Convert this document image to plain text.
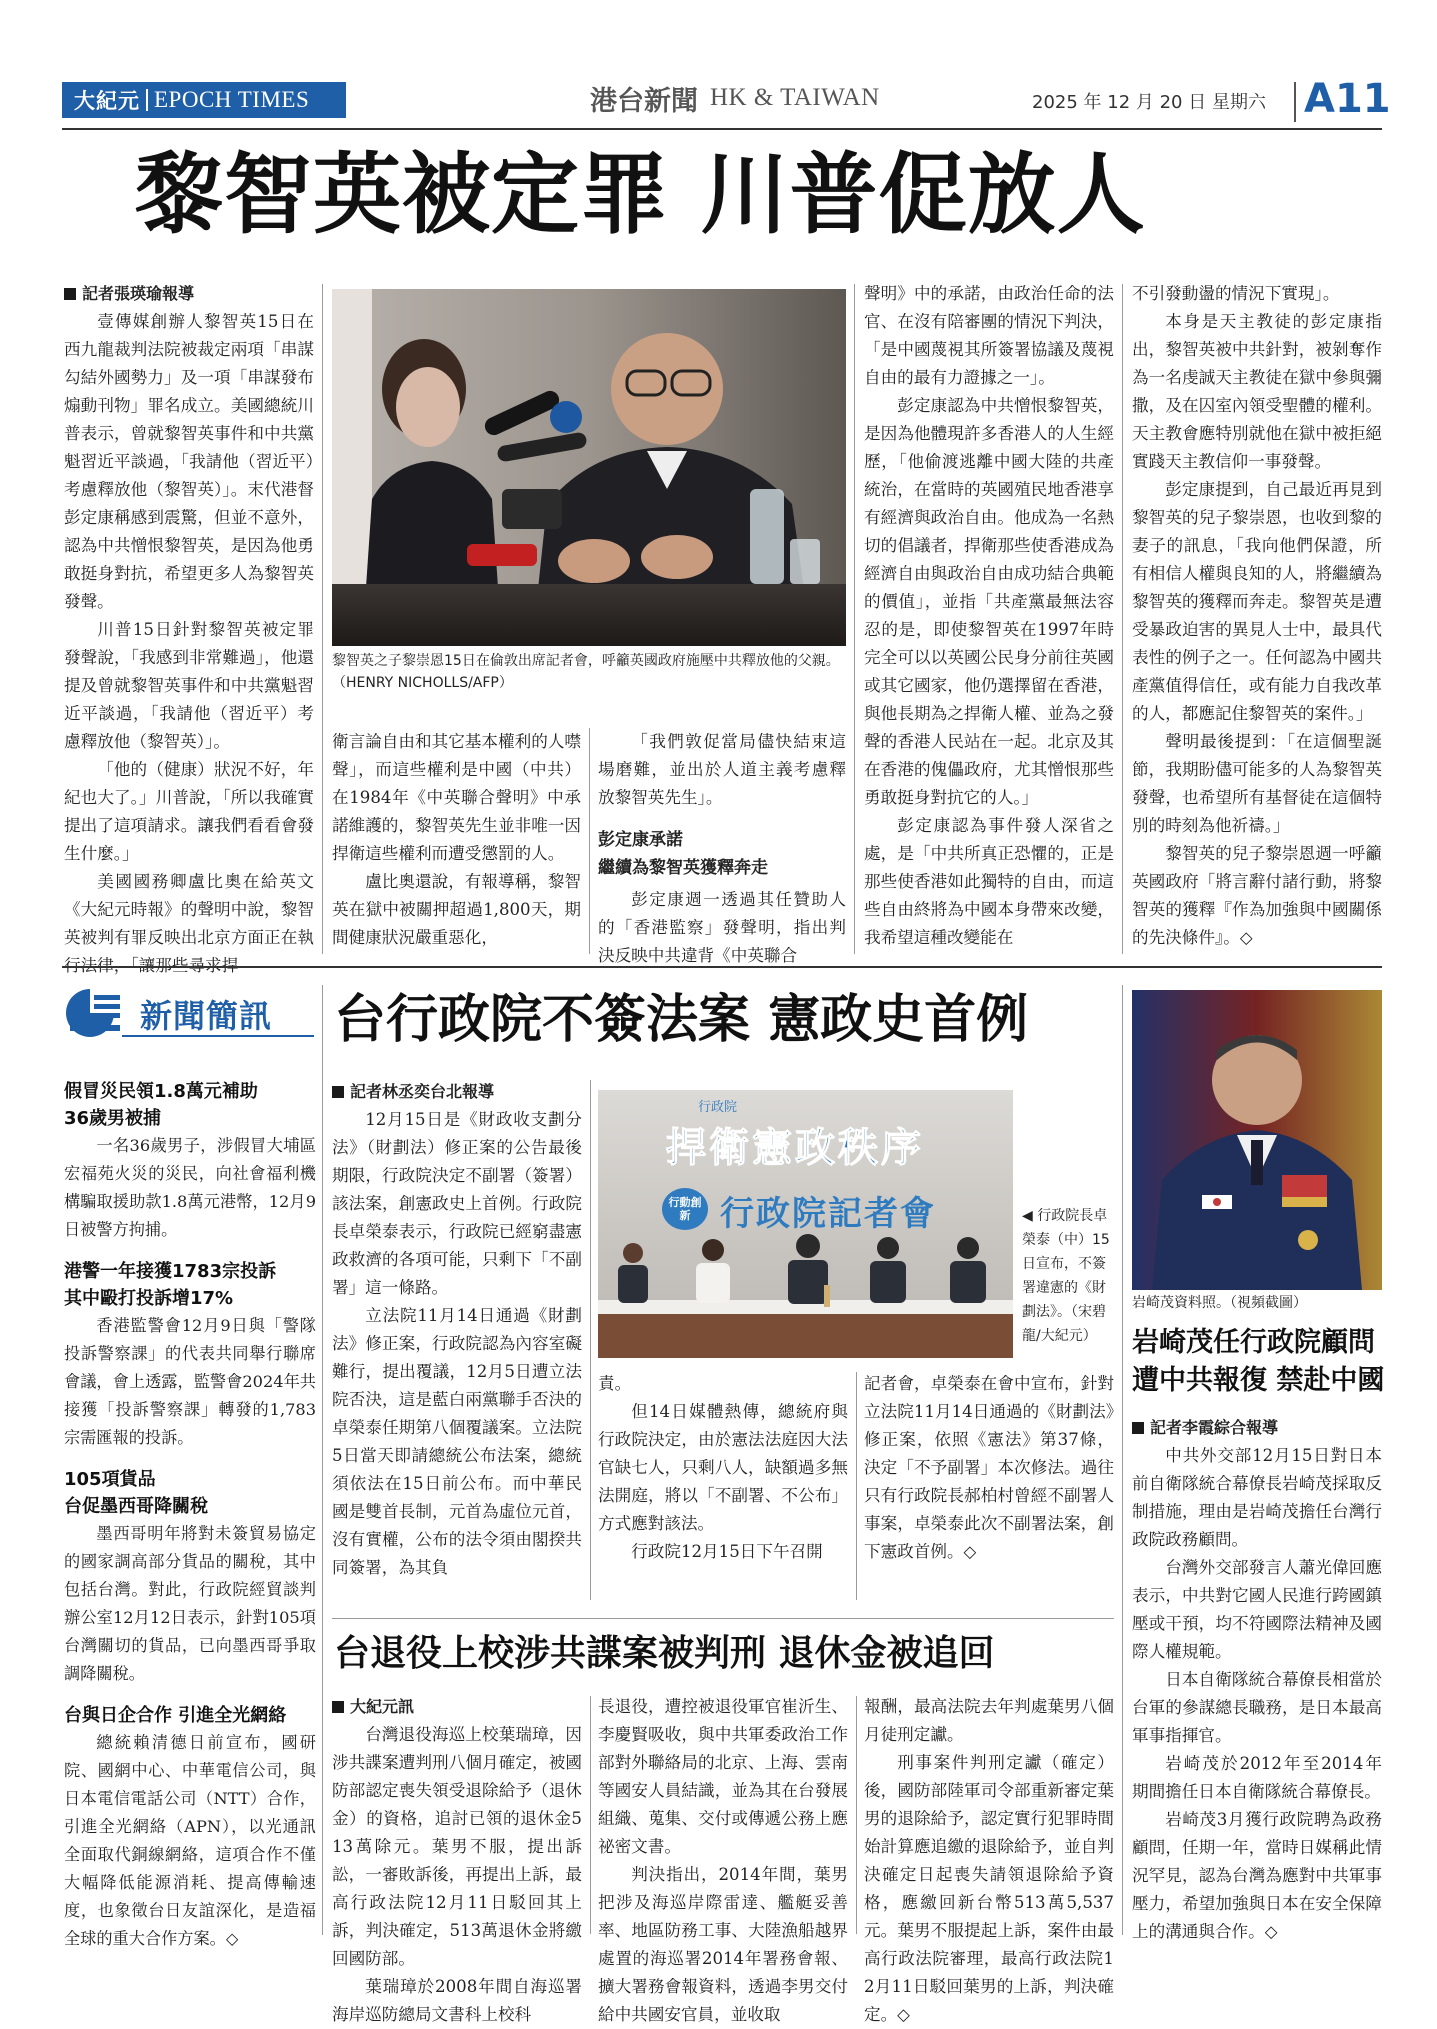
大紀元 EPOCH TIMES	港台新聞 HK & TAIWAN	2025 年 12 月 20 日 星期六 A11
黎智英被定罪 川普促放人

記者張瑛瑜報導

壹傳媒創辦人黎智英15日在西九龍裁判法院被裁定兩項「串謀勾結外國勢力」及一項「串謀發布煽動刊物」罪名成立。美國總統川普表示，曾就黎智英事件和中共黨魁習近平談過，「我請他（習近平）考慮釋放他（黎智英）」。末代港督彭定康稱感到震驚，但並不意外，認為中共憎恨黎智英，是因為他勇敢挺身對抗，希望更多人為黎智英發聲。

川普15日針對黎智英被定罪發聲說，「我感到非常難過」，他還提及曾就黎智英事件和中共黨魁習近平談過，「我請他（習近平）考慮釋放他（黎智英）」。

「他的（健康）狀況不好，年紀也大了。」川普說，「所以我確實提出了這項請求。讓我們看看會發生什麼。」

美國國務卿盧比奧在給英文《大紀元時報》的聲明中說，黎智英被判有罪反映出北京方面正在執

黎智英之子黎崇恩15日在倫敦出席記者會，呼籲英國政府施壓中共釋放他的父親。（HENRY NICHOLLS/AFP）

衛言論自由和其它基本權利的人噤聲」，而這些權利是中國（中共）在1984年《中英聯合聲明》中承諾維護的，黎智英先生並非唯一因捍衛這些權利而遭受懲罰的人。

盧比奧還說，有報導稱，黎智英在獄中被關押超過1,800天，期間健康狀況嚴重惡化，

「我們敦促當局儘快結束這場磨難，並出於人道主義考慮釋放黎智英先生」。

彭定康承諾

繼續為黎智英獲釋奔走

彭定康週一透過其任贊助人的「香港監察」發聲明，指出判決反映中共違背《中英聯合

聲明》中的承諾，由政治任命的法官、在沒有陪審團的情況下判決，「是中國蔑視其所簽署協議及蔑視自由的最有力證據之一」。

彭定康認為中共憎恨黎智英，是因為他體現許多香港人的人生經歷，「他偷渡逃離中國大陸的共產統治，在當時的英國殖民地香港享有經濟與政治自由。他成為一名熱切的倡議者，捍衛那些使香港成為經濟自由與政治自由成功結合典範的價值」，並指「共產黨最無法容忍的是，即使黎智英在1997年時完全可以以英國公民身分前往英國或其它國家，他仍選擇留在香港，與他長期為之捍衛人權、並為之發聲的香港人民站在一起。北京及其在香港的傀儡政府，尤其憎恨那些勇敢挺身對抗它的人。」

彭定康認為事件發人深省之處，是「中共所真正恐懼的，正是那些使香港如此獨特的自由，而這些自由終將為中國本身帶來改變，我希望這種改變能在

不引發動盪的情況下實現」。

本身是天主教徒的彭定康指出，黎智英被中共針對，被剝奪作為一名虔誠天主教徒在獄中參與彌撒，及在囚室內領受聖體的權利。天主教會應特別就他在獄中被拒絕實踐天主教信仰一事發聲。

彭定康提到，自己最近再見到黎智英的兒子黎崇恩，也收到黎的妻子的訊息，「我向他們保證，所有相信人權與良知的人，將繼續為黎智英的獲釋而奔走。黎智英是遭受暴政迫害的異見人士中，最具代表性的例子之一。任何認為中國共產黨值得信任，或有能力自我改革的人，都應記住黎智英的案件。」

聲明最後提到：「在這個聖誕節，我期盼儘可能多的人為黎智英發聲，也希望所有基督徒在這個特別的時刻為他祈禱。」

黎智英的兒子黎崇恩週一呼籲英國政府「將言辭付諸行動，將黎智英的獲釋『作為加強與中國關係的先決條件』。◇

新聞簡訊
假冒災民領1.8萬元補助
36歲男被捕
一名36歲男子，涉假冒大埔區宏福苑火災的災民，向社會福利機構騙取援助款1.8萬元港幣，12月9日被警方拘捕。
港警一年接獲1783宗投訴
其中毆打投訴增17%
香港監警會12月9日與「警隊投訴警察課」的代表共同舉行聯席會議，會上透露，監警會2024年共接獲「投訴警察課」轉發的1,783宗需匯報的投訴。
105項貨品
台促墨西哥降關稅
墨西哥明年將對未簽貿易協定的國家調高部分貨品的關稅，其中包括台灣。對此，行政院經貿談判辦公室12月12日表示，針對105項台灣關切的貨品，已向墨西哥爭取調降關稅。
台與日企合作 引進全光網絡
總統賴清德日前宣布，國研院、國網中心、中華電信公司，與日本電信電話公司（NTT）合作，引進全光網絡（APN），以光通訊全面取代銅線網絡，這項合作不僅大幅降低能源消耗、提高傳輸速度，也象徵台日友誼深化，是造福全球的重大合作方案。◇
台行政院不簽法案 憲政史首例

記者林丞奕台北報導

12月15日是《財政收支劃分法》（財劃法）修正案的公告最後期限，行政院決定不副署（簽署）該法案，創憲政史上首例。行政院長卓榮泰表示，行政院已經窮盡憲政救濟的各項可能，只剩下「不副署」這一條路。

立法院11月14日通過《財劃法》修正案，行政院認為內容室礙難行，提出覆議，12月5日遭立法院否決，這是藍白兩黨聯手否決的卓榮泰任期第八個覆議案。立法院5日當天即請總統公布法案，總統須依法在15日前公布。而中華民國是雙首長制，元首為虛位元首，沒有實權，公布的法令須由閣揆共同簽署，為其負

行政院
捍衛憲政秩序
行動創新 行政院記者會	◀ 行政院長卓榮泰（中）15日宣布，不簽署違憲的《財劃法》。（宋碧龍/大紀元）

責。

但14日媒體熱傳，總統府與行政院決定，由於憲法法庭因大法官缺七人，只剩八人，缺額過多無法開庭，將以「不副署、不公布」方式應對該法。

行政院12月15日下午召開

記者會，卓榮泰在會中宣布，針對立法院11月14日通過的《財劃法》修正案，依照《憲法》第37條，決定「不予副署」本次修法。過往只有行政院長郝柏村曾經不副署人事案，卓榮泰此次不副署法案，創下憲政首例。◇

台退役上校涉共諜案被判刑 退休金被追回

大紀元訊

台灣退役海巡上校葉瑞璋，因涉共諜案遭判刑八個月確定，被國防部認定喪失領受退除給予（退休金）的資格，追討已領的退休金513萬除元。葉男不服，提出訴訟，一審敗訴後，再提出上訴，最高行政法院12月11日駁回其上訴，判決確定，513萬退休金將繳回國防部。

葉瑞璋於2008年間自海巡署海岸巡防總局文書科上校科

長退役，遭控被退役軍官崔沂生、李慶賢吸收，與中共軍委政治工作部對外聯絡局的北京、上海、雲南等國安人員結識，並為其在台發展組織、蒐集、交付或傳遞公務上應祕密文書。

判決指出，2014年間，葉男把涉及海巡岸際雷達、艦艇妥善率、地區防務工事、大陸漁船越界處置的海巡署2014年署務會報、擴大署務會報資料，透過李男交付給中共國安官員，並收取

報酬，最高法院去年判處葉男八個月徒刑定讞。

刑事案件判刑定讞（確定）後，國防部陸軍司令部重新審定葉男的退除給予，認定實行犯罪時間始計算應追繳的退除給予，並自判決確定日起喪失請領退除給予資格，應繳回新台幣513萬5,537元。葉男不服提起上訴，案件由最高行政法院審理，最高行政法院12月11日駁回葉男的上訴，判決確定。◇

岩崎茂資料照。（視頻截圖）
岩崎茂任行政院顧問
遭中共報復 禁赴中國

記者李霞綜合報導

中共外交部12月15日對日本前自衛隊統合幕僚長岩崎茂採取反制措施，理由是岩崎茂擔任台灣行政院政務顧問。

台灣外交部發言人蕭光偉回應表示，中共對它國人民進行跨國鎮壓或干預，均不符國際法精神及國際人權規範。

日本自衛隊統合幕僚長相當於台軍的參謀總長職務，是日本最高軍事指揮官。

岩崎茂於2012年至2014年期間擔任日本自衛隊統合幕僚長。

岩崎茂3月獲行政院聘為政務顧問，任期一年，當時日媒稱此情況罕見，認為台灣為應對中共軍事壓力，希望加強與日本在安全保障上的溝通與合作。◇
